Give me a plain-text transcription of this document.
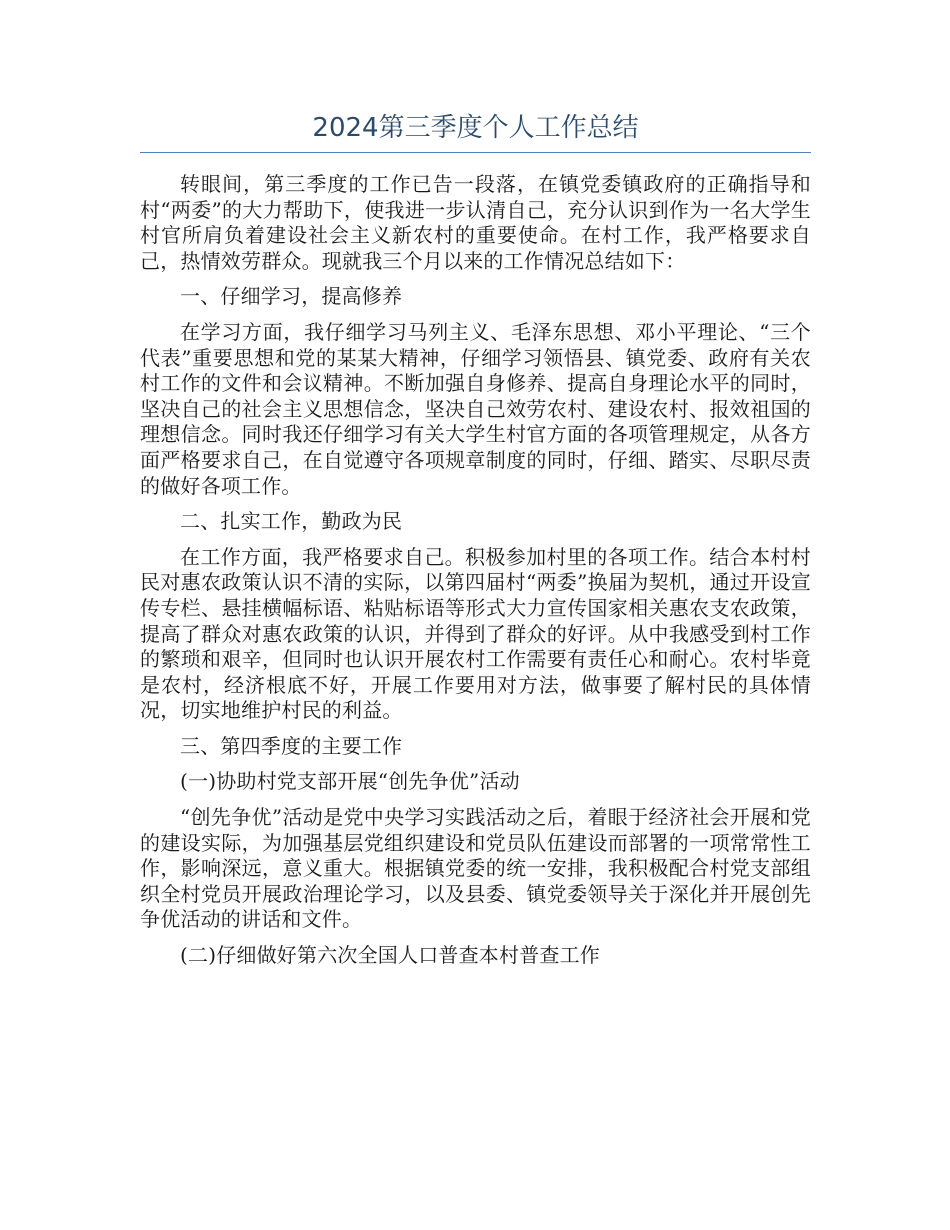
2024第三季度个人工作总结

转眼间，第三季度的工作已告一段落，在镇党委镇政府的正确指导和村“两委”的大力帮助下，使我进一步认清自己，充分认识到作为一名大学生村官所肩负着建设社会主义新农村的重要使命。在村工作，我严格要求自己，热情效劳群众。现就我三个月以来的工作情况总结如下：

一、仔细学习，提高修养

在学习方面，我仔细学习马列主义、毛泽东思想、邓小平理论、“三个代表”重要思想和党的某某大精神，仔细学习领悟县、镇党委、政府有关农村工作的文件和会议精神。不断加强自身修养、提高自身理论水平的同时，坚决自己的社会主义思想信念，坚决自己效劳农村、建设农村、报效祖国的理想信念。同时我还仔细学习有关大学生村官方面的各项管理规定，从各方面严格要求自己，在自觉遵守各项规章制度的同时，仔细、踏实、尽职尽责的做好各项工作。

二、扎实工作，勤政为民

在工作方面，我严格要求自己。积极参加村里的各项工作。结合本村村民对惠农政策认识不清的实际，以第四届村“两委”换届为契机，通过开设宣传专栏、悬挂横幅标语、粘贴标语等形式大力宣传国家相关惠农支农政策，提高了群众对惠农政策的认识，并得到了群众的好评。从中我感受到村工作的繁琐和艰辛，但同时也认识开展农村工作需要有责任心和耐心。农村毕竟是农村，经济根底不好，开展工作要用对方法，做事要了解村民的具体情况，切实地维护村民的利益。

三、第四季度的主要工作

(一)协助村党支部开展“创先争优”活动

“创先争优”活动是党中央学习实践活动之后，着眼于经济社会开展和党的建设实际，为加强基层党组织建设和党员队伍建设而部署的一项常常性工作，影响深远，意义重大。根据镇党委的统一安排，我积极配合村党支部组织全村党员开展政治理论学习，以及县委、镇党委领导关于深化并开展创先争优活动的讲话和文件。

(二)仔细做好第六次全国人口普查本村普查工作
